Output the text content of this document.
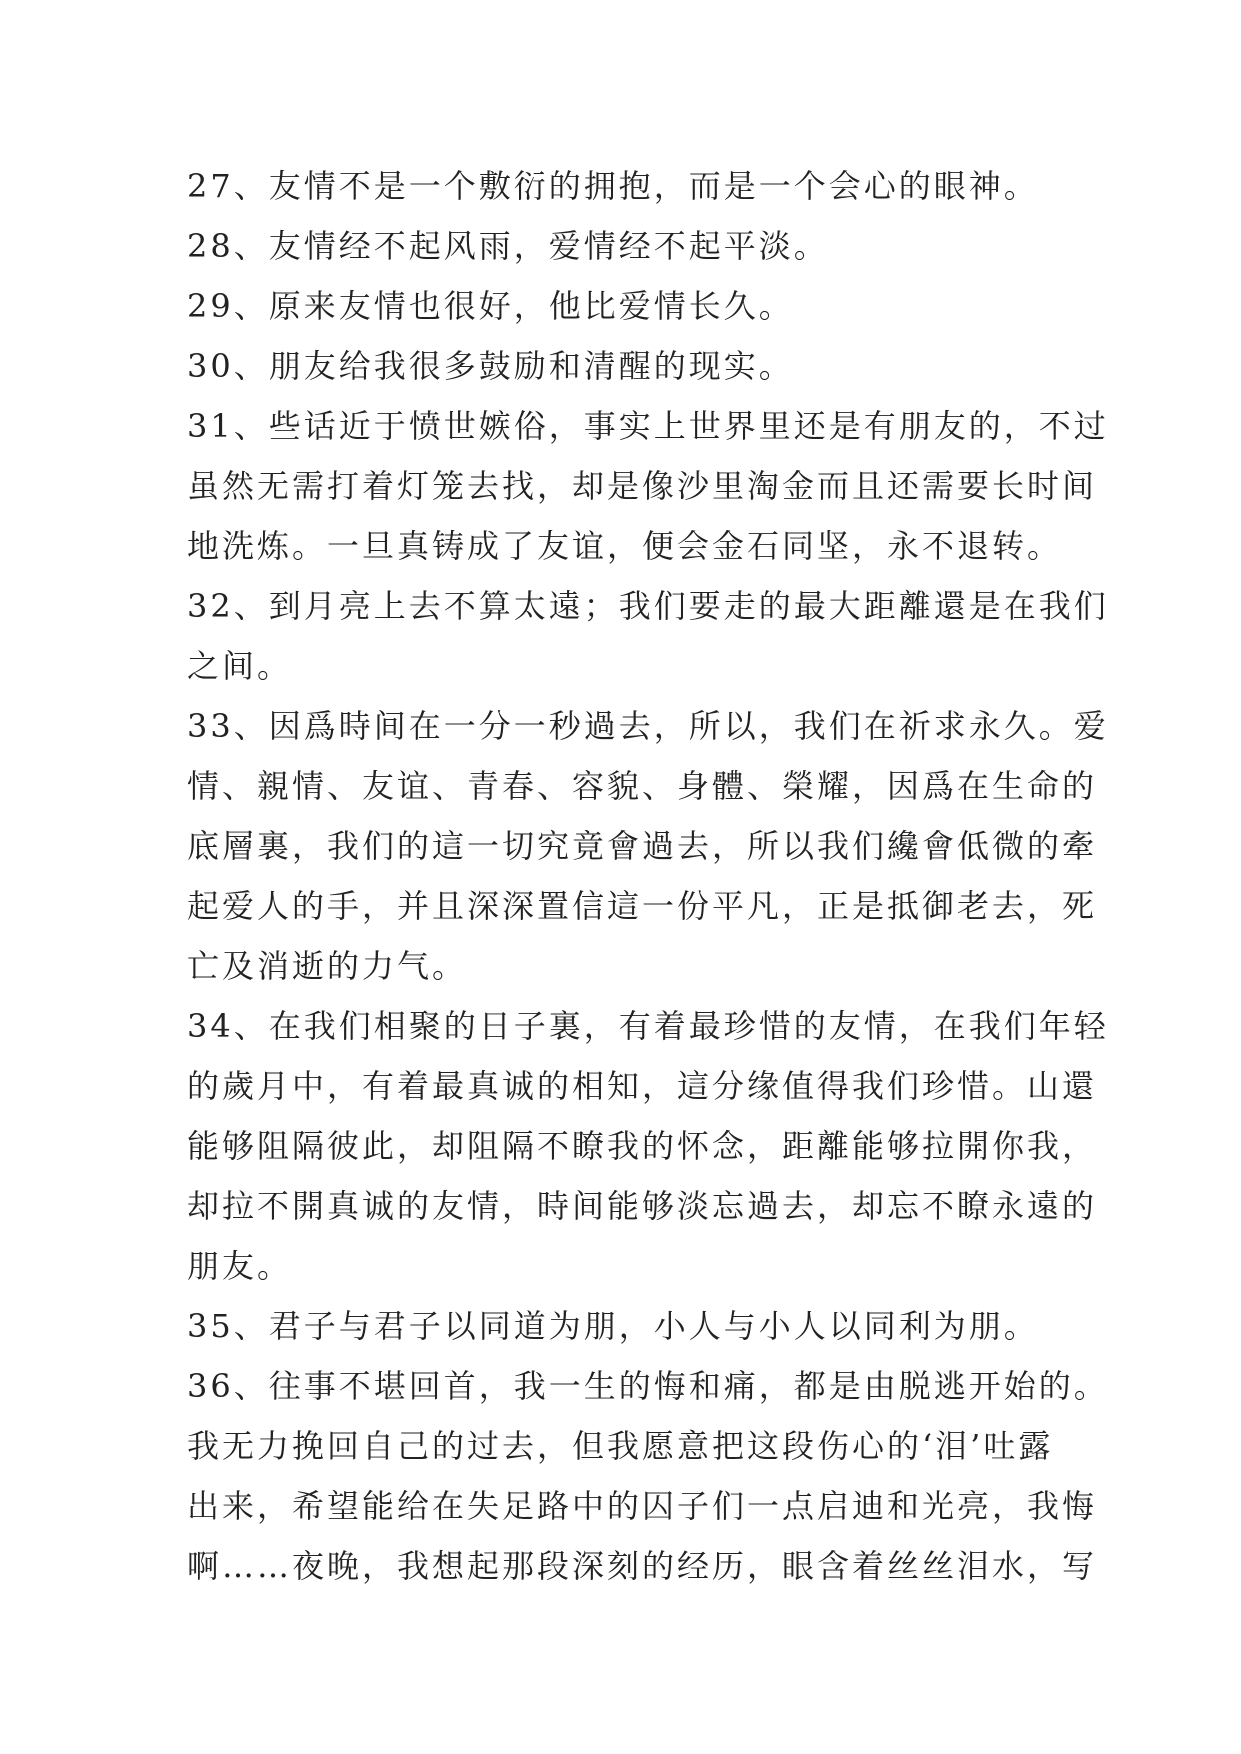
27、友情不是一个敷衍的拥抱，而是一个会心的眼神。
28、友情经不起风雨，爱情经不起平淡。
29、原来友情也很好，他比爱情长久。
30、朋友给我很多鼓励和清醒的现实。
31、些话近于愤世嫉俗，事实上世界里还是有朋友的，不过
虽然无需打着灯笼去找，却是像沙里淘金而且还需要长时间
地洗炼。一旦真铸成了友谊，便会金石同坚，永不退转。
32、到月亮上去不算太遠；我们要走的最大距離還是在我们
之间。
33、因爲時间在一分一秒過去，所以，我们在祈求永久。爱
情、親情、友谊、青春、容貌、身體、榮耀，因爲在生命的
底層裏，我们的這一切究竟會過去，所以我们纔會低微的牽
起爱人的手，并且深深置信這一份平凡，正是抵御老去，死
亡及消逝的力气。
34、在我们相聚的日子裏，有着最珍惜的友情，在我们年轻
的歲月中，有着最真诚的相知，這分缘值得我们珍惜。山還
能够阻隔彼此，却阻隔不瞭我的怀念，距離能够拉開你我，
却拉不開真诚的友情，時间能够淡忘過去，却忘不瞭永遠的
朋友。
35、君子与君子以同道为朋，小人与小人以同利为朋。
36、往事不堪回首，我一生的悔和痛，都是由脱逃开始的。
我无力挽回自己的过去，但我愿意把这段伤心的‘泪’吐露
出来，希望能给在失足路中的囚子们一点启迪和光亮，我悔
啊……夜晚，我想起那段深刻的经历，眼含着丝丝泪水，写
